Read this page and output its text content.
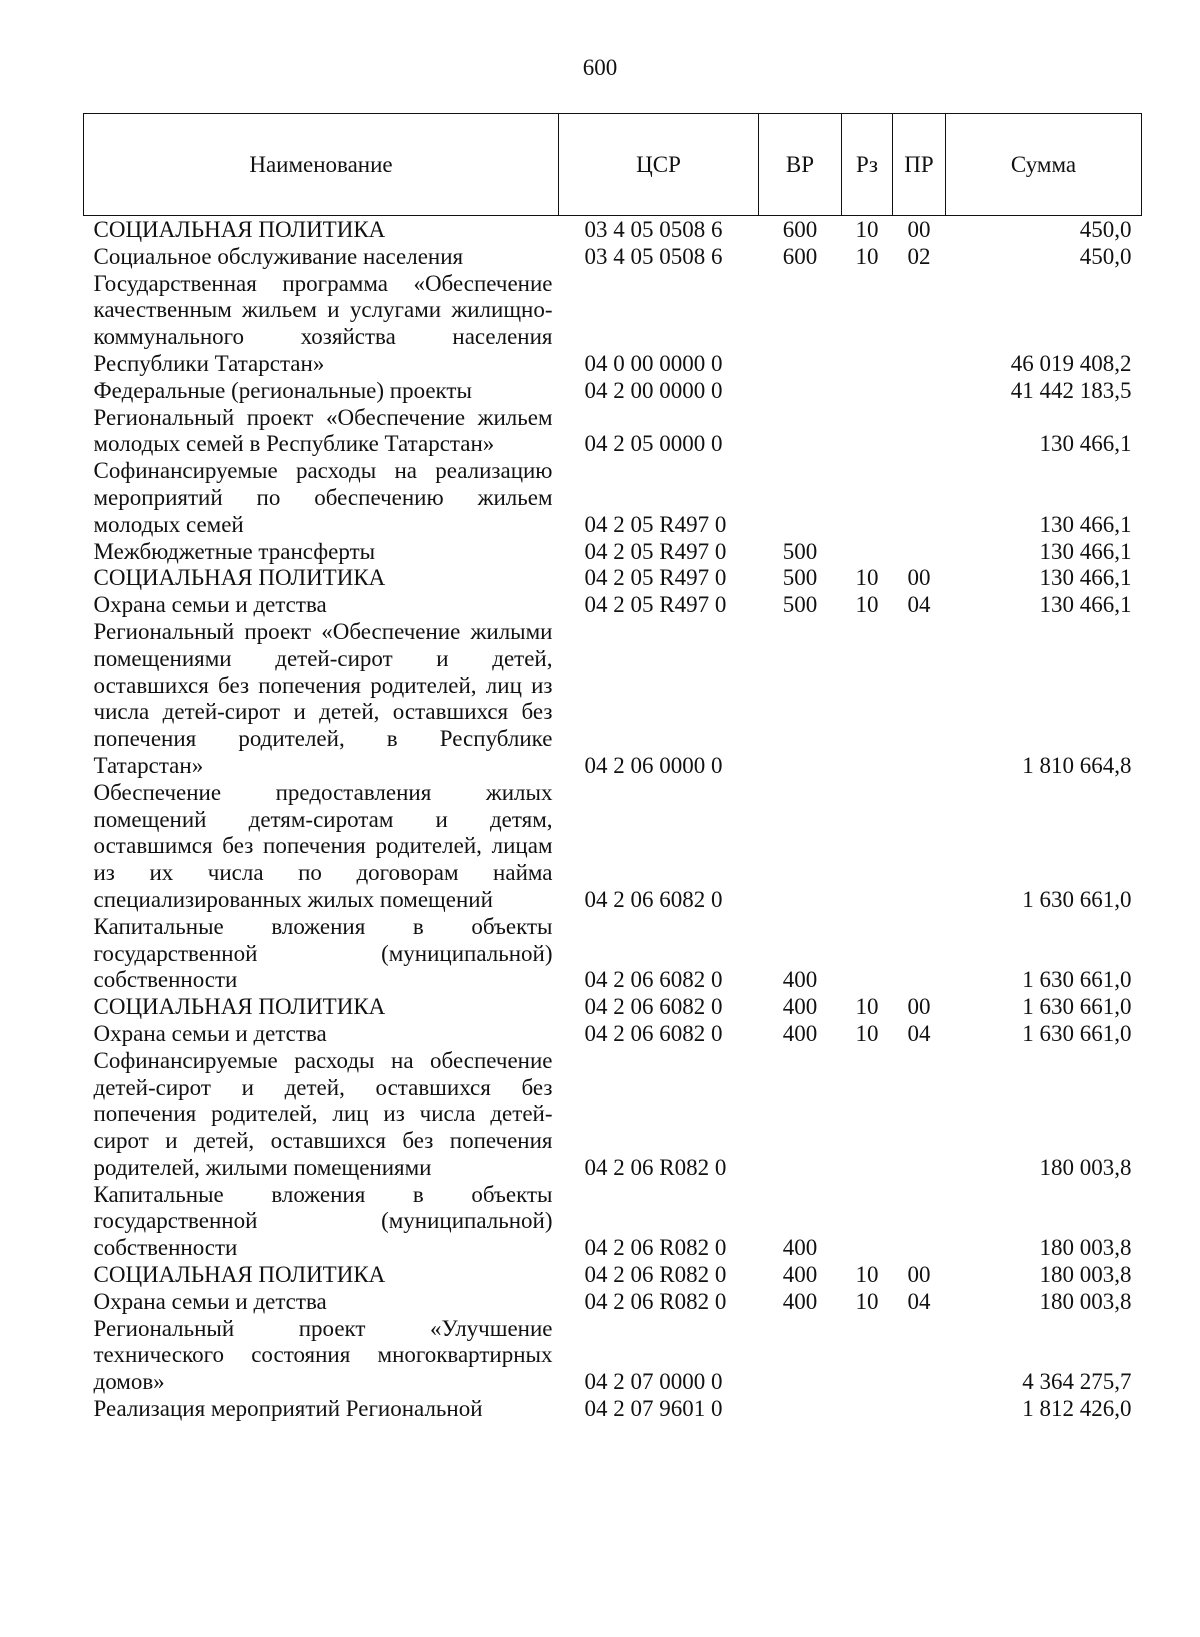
600
Наименование	ЦСР	ВР	Рз	ПР	Сумма
СОЦИАЛЬНАЯ ПОЛИТИКА	03 4 05 0508 6	600	10	00	450,0
Социальное обслуживание населения	03 4 05 0508 6	600	10	02	450,0
Государственная программа «Обеспечение качественным жильем и услугами жилищно-коммунального хозяйства населения Республики Татарстан»	04 0 00 0000 0				46 019 408,2
Федеральные (региональные) проекты	04 2 00 0000 0				41 442 183,5
Региональный проект «Обеспечение жильем молодых семей в Республике Татарстан»	04 2 05 0000 0				130 466,1
Софинансируемые расходы на реализацию мероприятий по обеспечению жильем молодых семей	04 2 05 R497 0				130 466,1
Межбюджетные трансферты	04 2 05 R497 0	500			130 466,1
СОЦИАЛЬНАЯ ПОЛИТИКА	04 2 05 R497 0	500	10	00	130 466,1
Охрана семьи и детства	04 2 05 R497 0	500	10	04	130 466,1
Региональный проект «Обеспечение жилыми помещениями детей-сирот и детей, оставшихся без попечения родителей, лиц из числа детей-сирот и детей, оставшихся без попечения родителей, в Республике Татарстан»	04 2 06 0000 0				1 810 664,8
Обеспечение предоставления жилых помещений детям-сиротам и детям, оставшимся без попечения родителей, лицам из их числа по договорам найма специализированных жилых помещений	04 2 06 6082 0				1 630 661,0
Капитальные вложения в объекты государственной (муниципальной) собственности	04 2 06 6082 0	400			1 630 661,0
СОЦИАЛЬНАЯ ПОЛИТИКА	04 2 06 6082 0	400	10	00	1 630 661,0
Охрана семьи и детства	04 2 06 6082 0	400	10	04	1 630 661,0
Софинансируемые расходы на обеспечение детей-сирот и детей, оставшихся без попечения родителей, лиц из числа детей-сирот и детей, оставшихся без попечения родителей, жилыми помещениями	04 2 06 R082 0				180 003,8
Капитальные вложения в объекты государственной (муниципальной) собственности	04 2 06 R082 0	400			180 003,8
СОЦИАЛЬНАЯ ПОЛИТИКА	04 2 06 R082 0	400	10	00	180 003,8
Охрана семьи и детства	04 2 06 R082 0	400	10	04	180 003,8
Региональный проект «Улучшение технического состояния многоквартирных домов»	04 2 07 0000 0				4 364 275,7
Реализация мероприятий Региональной	04 2 07 9601 0				1 812 426,0
